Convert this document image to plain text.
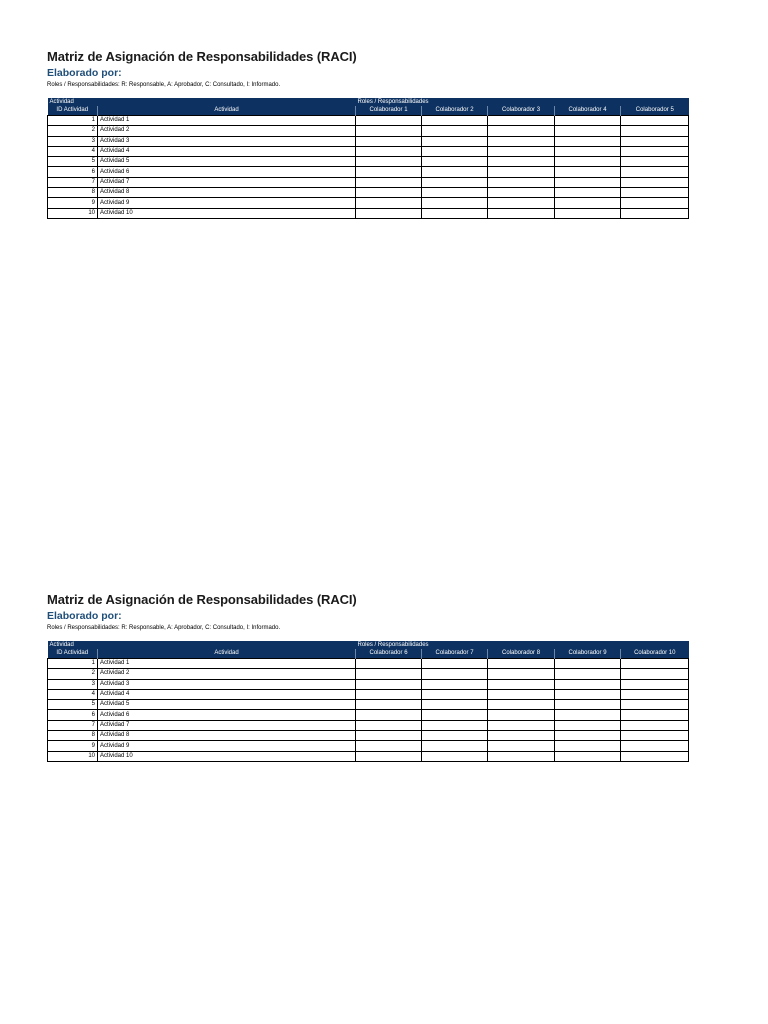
Matriz de Asignación de Responsabilidades (RACI)
Elaborado por:
Roles / Responsabilidades: R: Responsable, A: Aprobador, C: Consultado, I: Informado.
Actividad		Roles / Responsabilidades				
ID Actividad	Actividad	Colaborador 1	Colaborador 2	Colaborador 3	Colaborador 4	Colaborador 5
1	Actividad 1					
2	Actividad 2					
3	Actividad 3					
4	Actividad 4					
5	Actividad 5					
6	Actividad 6					
7	Actividad 7					
8	Actividad 8					
9	Actividad 9					
10	Actividad 10					
Matriz de Asignación de Responsabilidades (RACI)
Elaborado por:
Roles / Responsabilidades: R: Responsable, A: Aprobador, C: Consultado, I: Informado.
Actividad		Roles / Responsabilidades				
ID Actividad	Actividad	Colaborador 6	Colaborador 7	Colaborador 8	Colaborador 9	Colaborador 10
1	Actividad 1					
2	Actividad 2					
3	Actividad 3					
4	Actividad 4					
5	Actividad 5					
6	Actividad 6					
7	Actividad 7					
8	Actividad 8					
9	Actividad 9					
10	Actividad 10					
